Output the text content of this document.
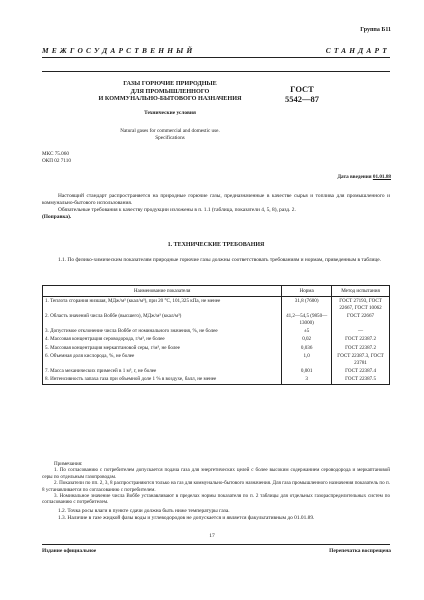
Группа Б11
МЕЖГОСУДАРСТВЕННЫЙ СТАНДАРТ
ГАЗЫ ГОРЮЧИЕ ПРИРОДНЫЕ
ДЛЯ ПРОМЫШЛЕННОГО
И КОММУНАЛЬНО-БЫТОВОГО НАЗНАЧЕНИЯ
Технические условия
ГОСТ
5542—87
Natural gases for commercial and domestic use.
Specifications
МКС 75.060
ОКП 02 7110
Дата введения 01.01.88
Настоящий стандарт распространяется на природные горючие газы, предназначенные в качестве сырья и топлива для промышленного и коммунально-бытового использования.
Обязательные требования к качеству продукции изложены в п. 1.1 (таблица, показатели 4, 5, 8), разд. 2.
(Поправка).
1. ТЕХНИЧЕСКИЕ ТРЕБОВАНИЯ
1.1. По физико-химическим показателям природные горючие газы должны соответствовать требованиям и нормам, приведенным в таблице.
Наименование показателя	Норма	Метод испытания
1. Теплота сгорания низшая, МДж/м³ (ккал/м³), при 20 °С, 101,325 кПа, не менее	31,8 (7600)	ГОСТ 27193, ГОСТ 22667, ГОСТ 10062
2. Область значений числа Воббе (высшего), МДж/м³ (ккал/м³)	41,2—54,5 (9850—13000)	ГОСТ 22667
3. Допустимое отклонение числа Воббе от номинального значения, %, не более	±5	—
4. Массовая концентрация сероводорода, г/м³, не более	0,02	ГОСТ 22387.2
5. Массовая концентрация меркаптановой серы, г/м³, не более	0,036	ГОСТ 22387.2
6. Объемная доля кислорода, %, не более	1,0	ГОСТ 22387.3, ГОСТ 23781
7. Масса механических примесей в 1 м³, г, не более	0,001	ГОСТ 22387.4
8. Интенсивность запаха газа при объемной доле 1 % в воздухе, балл, не менее	3	ГОСТ 22387.5
Примечания:
1. По согласованию с потребителем допускается подача газа для энергетических целей с более высоким содержанием сероводорода и меркаптановой серы по отдельным газопроводам.
2. Показатели по пп. 2, 3, 8 распространяются только на газ для коммунально-бытового назначения. Для газа промышленного назначения показатель по п. 8 устанавливается по согласованию с потребителем.
3. Номинальное значение числа Воббе устанавливают в пределах нормы показателя по п. 2 таблицы для отдельных газораспределительных систем по согласованию с потребителем.
1.2. Точка росы влаги в пункте сдачи должна быть ниже температуры газа.
1.3. Наличие в газе жидкой фазы воды и углеводородов не допускается и является факультативным до 01.01.89.
17
Издание официальное	Перепечатка воспрещена
